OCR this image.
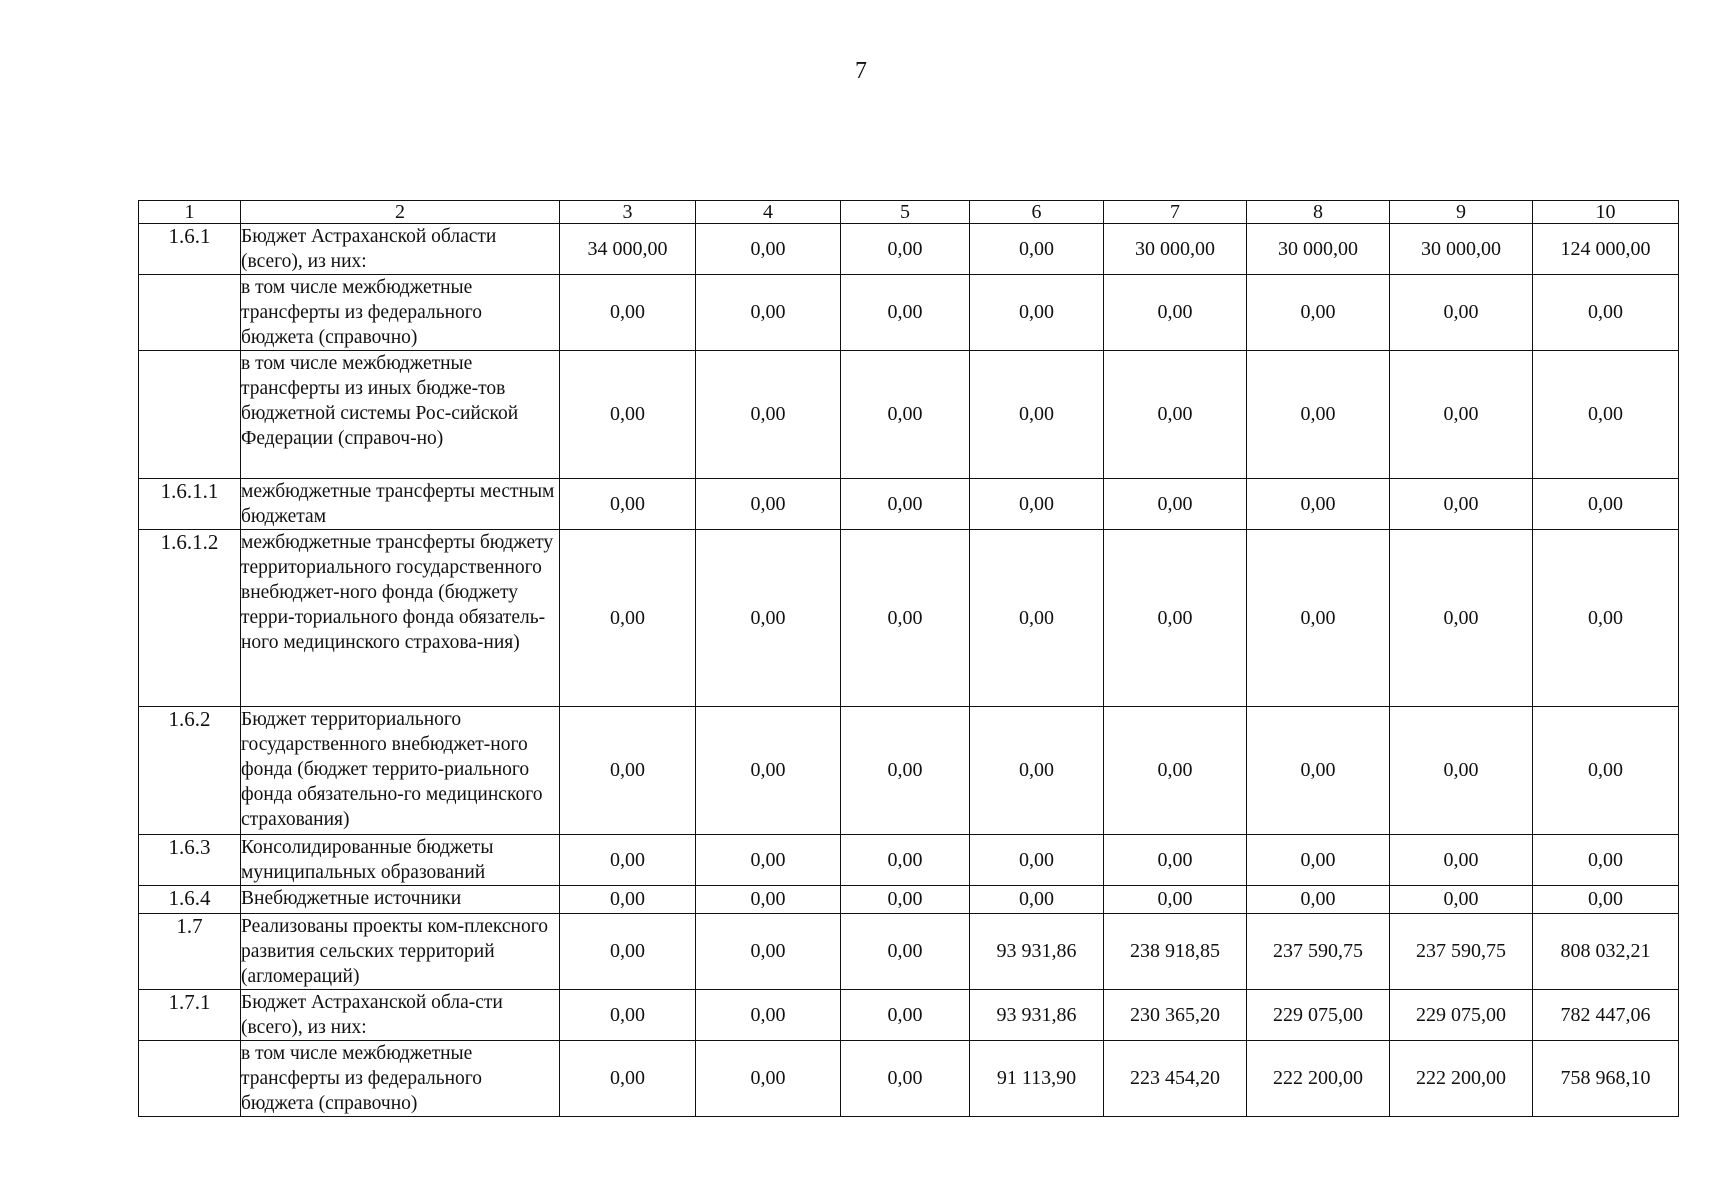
7
1	2	3	4	5	6	7	8	9	10
1.6.1	Бюджет Астраханской области (всего), из них:	34 000,00	0,00	0,00	0,00	30 000,00	30 000,00	30 000,00	124 000,00
	в том числе межбюджетные трансферты из федерального бюджета (справочно)	0,00	0,00	0,00	0,00	0,00	0,00	0,00	0,00
	в том числе межбюджетные трансферты из иных бюдже-тов бюджетной системы Рос-сийской Федерации (справоч-но)	0,00	0,00	0,00	0,00	0,00	0,00	0,00	0,00
1.6.1.1	межбюджетные трансферты местным бюджетам	0,00	0,00	0,00	0,00	0,00	0,00	0,00	0,00
1.6.1.2	межбюджетные трансферты бюджету территориального государственного внебюджет-ного фонда (бюджету терри-ториального фонда обязатель-ного медицинского страхова-ния)	0,00	0,00	0,00	0,00	0,00	0,00	0,00	0,00
1.6.2	Бюджет территориального государственного внебюджет-ного фонда (бюджет террито-риального фонда обязательно-го медицинского страхования)	0,00	0,00	0,00	0,00	0,00	0,00	0,00	0,00
1.6.3	Консолидированные бюджеты муниципальных образований	0,00	0,00	0,00	0,00	0,00	0,00	0,00	0,00
1.6.4	Внебюджетные источники	0,00	0,00	0,00	0,00	0,00	0,00	0,00	0,00
1.7	Реализованы проекты ком-плексного развития сельских территорий (агломераций)	0,00	0,00	0,00	93 931,86	238 918,85	237 590,75	237 590,75	808 032,21
1.7.1	Бюджет Астраханской обла-сти (всего), из них:	0,00	0,00	0,00	93 931,86	230 365,20	229 075,00	229 075,00	782 447,06
	в том числе межбюджетные трансферты из федерального бюджета (справочно)	0,00	0,00	0,00	91 113,90	223 454,20	222 200,00	222 200,00	758 968,10
